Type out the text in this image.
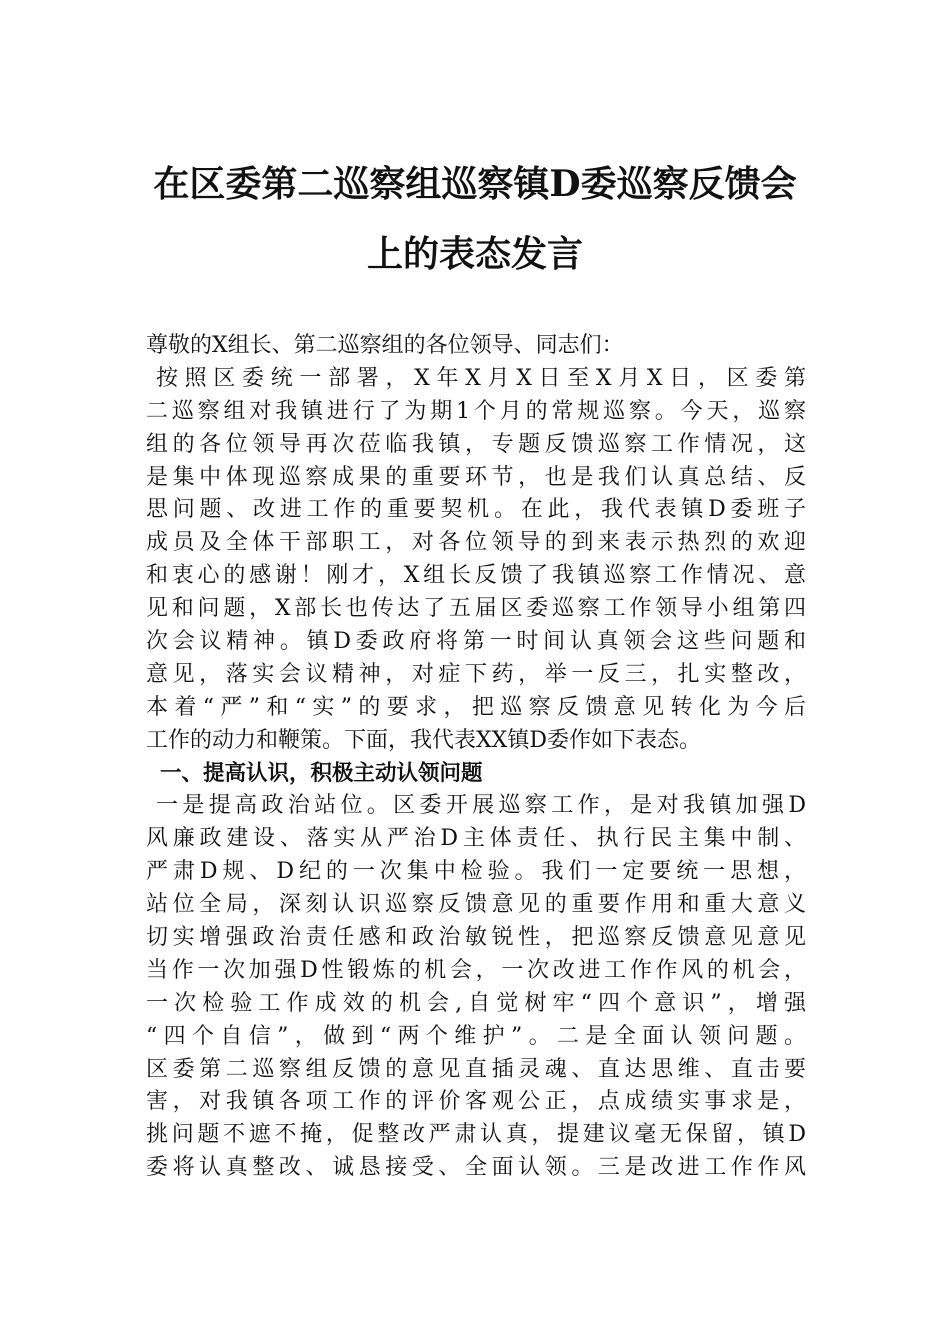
在区委第二巡察组巡察镇D委巡察反馈会
上的表态发言
尊敬的X组长、第二巡察组的各位领导、同志们：
按照区委统一部署，X年X月X日至X月X日，区委第
二巡察组对我镇进行了为期1个月的常规巡察。今天，巡察
组的各位领导再次莅临我镇，专题反馈巡察工作情况，这
是集中体现巡察成果的重要环节，也是我们认真总结、反
思问题、改进工作的重要契机。在此，我代表镇D委班子
成员及全体干部职工，对各位领导的到来表示热烈的欢迎
和衷心的感谢！刚才，X组长反馈了我镇巡察工作情况、意
见和问题，X部长也传达了五届区委巡察工作领导小组第四
次会议精神。镇D委政府将第一时间认真领会这些问题和
意见，落实会议精神，对症下药，举一反三，扎实整改，
本着“严”和“实”的要求，把巡察反馈意见转化为今后
工作的动力和鞭策。下面，我代表XX镇D委作如下表态。
一、提高认识，积极主动认领问题
一是提高政治站位。区委开展巡察工作，是对我镇加强D
风廉政建设、落实从严治D主体责任、执行民主集中制、
严肃D规、D纪的一次集中检验。我们一定要统一思想，
站位全局，深刻认识巡察反馈意见的重要作用和重大意义
切实增强政治责任感和政治敏锐性，把巡察反馈意见意见
当作一次加强D性锻炼的机会，一次改进工作作风的机会，
一次检验工作成效的机会,自觉树牢“四个意识”，增强
“四个自信”，做到“两个维护”。二是全面认领问题。
区委第二巡察组反馈的意见直插灵魂、直达思维、直击要
害，对我镇各项工作的评价客观公正，点成绩实事求是，
挑问题不遮不掩，促整改严肃认真，提建议毫无保留，镇D
委将认真整改、诚恳接受、全面认领。三是改进工作作风
